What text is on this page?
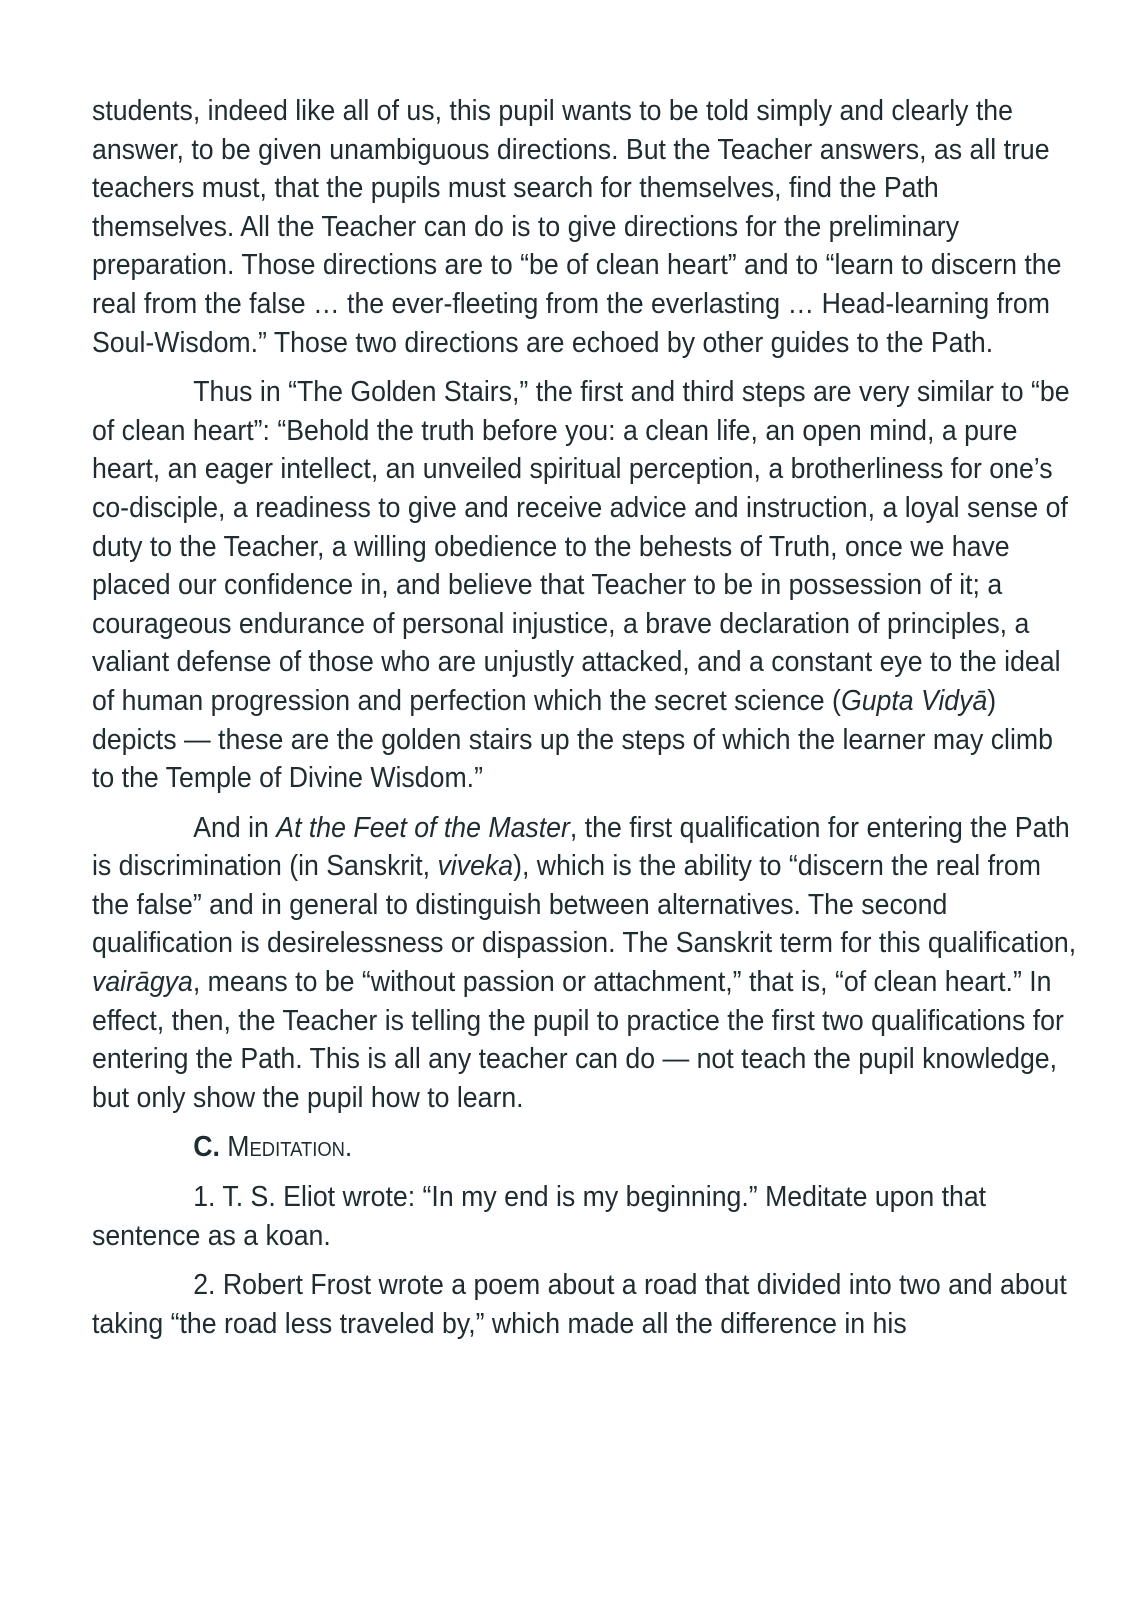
students, indeed like all of us, this pupil wants to be told simply and clearly the answer, to be given unambiguous directions. But the Teacher answers, as all true teachers must, that the pupils must search for themselves, find the Path themselves. All the Teacher can do is to give directions for the preliminary preparation. Those directions are to “be of clean heart” and to “learn to discern the real from the false … the ever-fleeting from the everlasting … Head-learning from Soul-Wisdom.” Those two directions are echoed by other guides to the Path.

Thus in “The Golden Stairs,” the first and third steps are very similar to “be of clean heart”: “Behold the truth before you: a clean life, an open mind, a pure heart, an eager intellect, an unveiled spiritual perception, a brotherliness for one’s co-disciple, a readiness to give and receive advice and instruction, a loyal sense of duty to the Teacher, a willing obedience to the behests of Truth, once we have placed our confidence in, and believe that Teacher to be in possession of it; a courageous endurance of personal injustice, a brave declaration of principles, a valiant defense of those who are unjustly attacked, and a constant eye to the ideal of human progression and perfection which the secret science (Gupta Vidyā) depicts — these are the golden stairs up the steps of which the learner may climb to the Temple of Divine Wisdom.”

And in At the Feet of the Master, the first qualification for entering the Path is discrimination (in Sanskrit, viveka), which is the ability to “discern the real from the false” and in general to distinguish between alternatives. The second qualification is desirelessness or dispassion. The Sanskrit term for this qualification, vairāgya, means to be “without passion or attachment,” that is, “of clean heart.” In effect, then, the Teacher is telling the pupil to practice the first two qualifications for entering the Path. This is all any teacher can do — not teach the pupil knowledge, but only show the pupil how to learn.

C. Meditation.

1. T. S. Eliot wrote: “In my end is my beginning.” Meditate upon that sentence as a koan.

2. Robert Frost wrote a poem about a road that divided into two and about taking “the road less traveled by,” which made all the difference in his
